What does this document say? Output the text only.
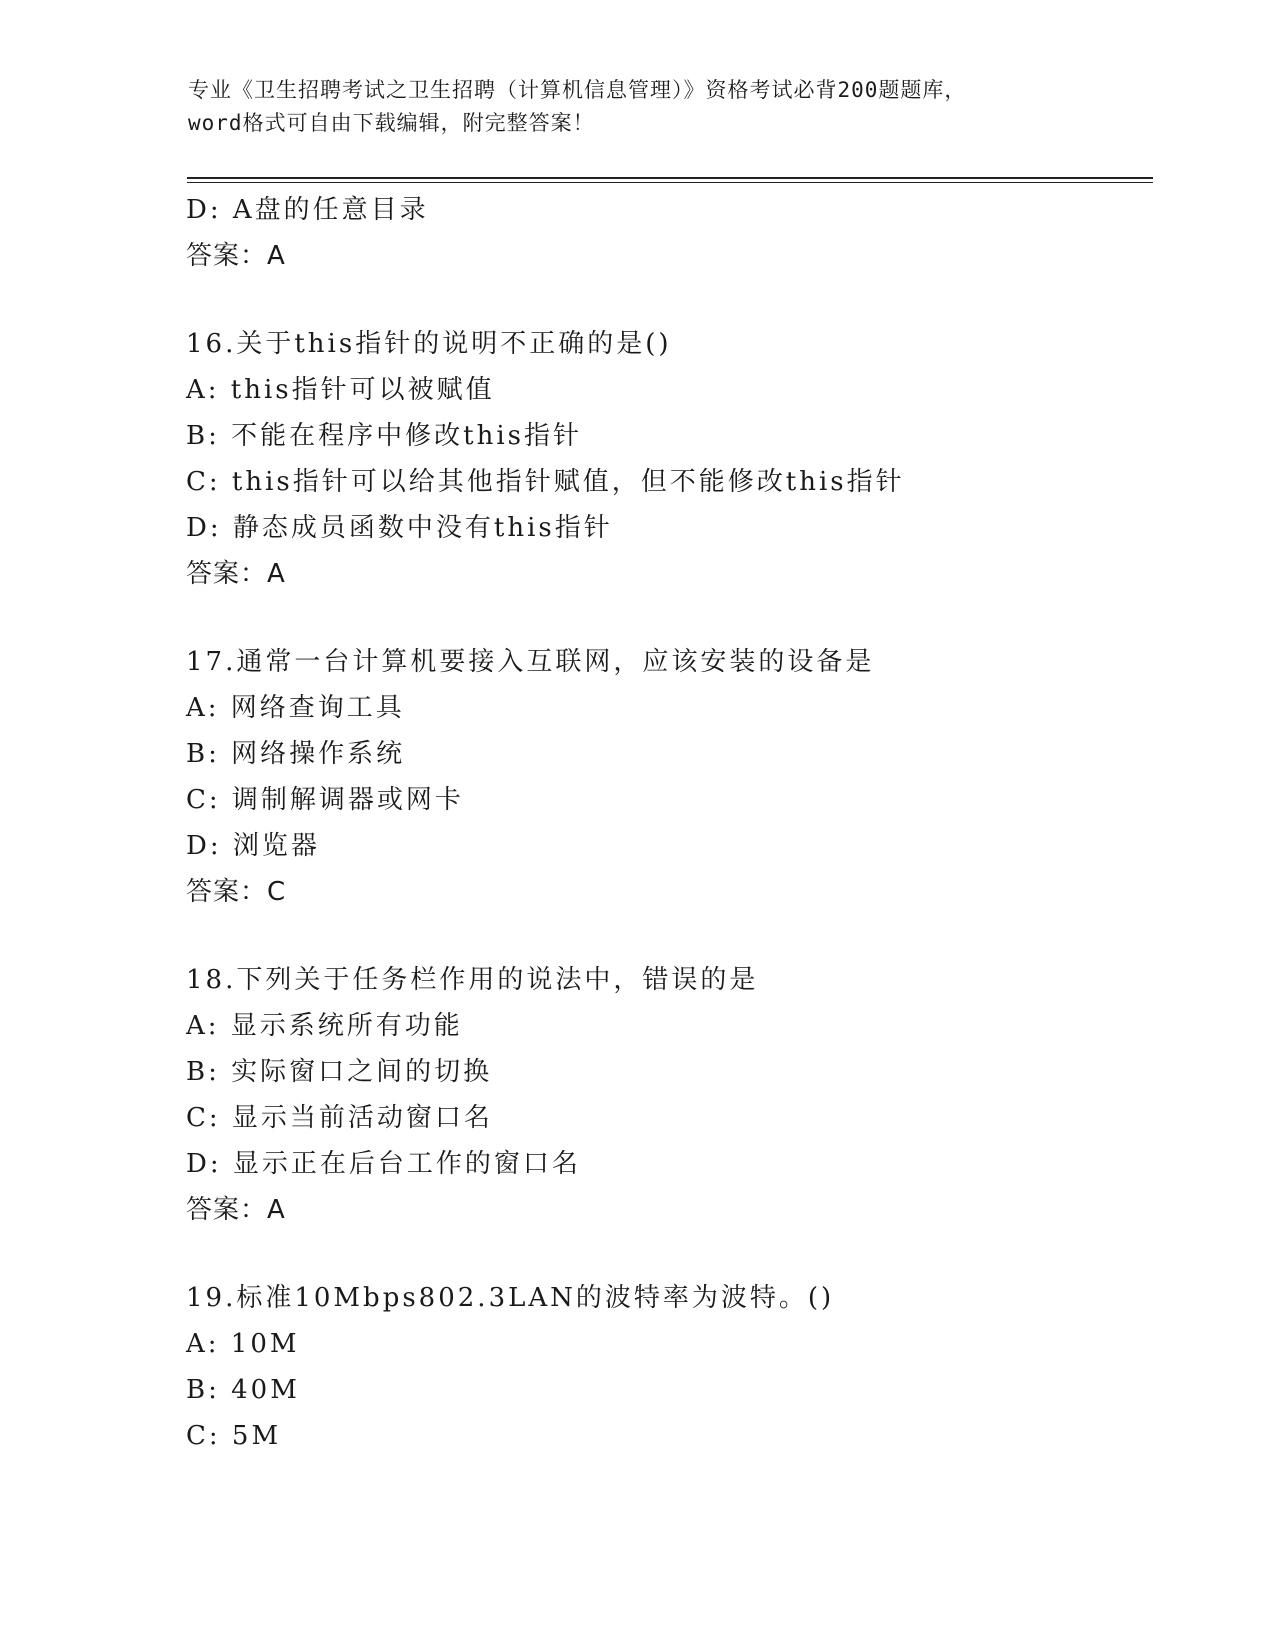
专业《卫生招聘考试之卫生招聘（计算机信息管理）》资格考试必背200题题库，

word格式可自由下载编辑，附完整答案！

D: A盘的任意目录

答案：A

16.关于this指针的说明不正确的是()

A: this指针可以被赋值

B: 不能在程序中修改this指针

C: this指针可以给其他指针赋值，但不能修改this指针

D: 静态成员函数中没有this指针

答案：A

17.通常一台计算机要接入互联网，应该安装的设备是

A: 网络查询工具

B: 网络操作系统

C: 调制解调器或网卡

D: 浏览器

答案：C

18.下列关于任务栏作用的说法中，错误的是

A: 显示系统所有功能

B: 实际窗口之间的切换

C: 显示当前活动窗口名

D: 显示正在后台工作的窗口名

答案：A

19.标准10Mbps802.3LAN的波特率为波特。()

A: 10M

B: 40M

C: 5M
